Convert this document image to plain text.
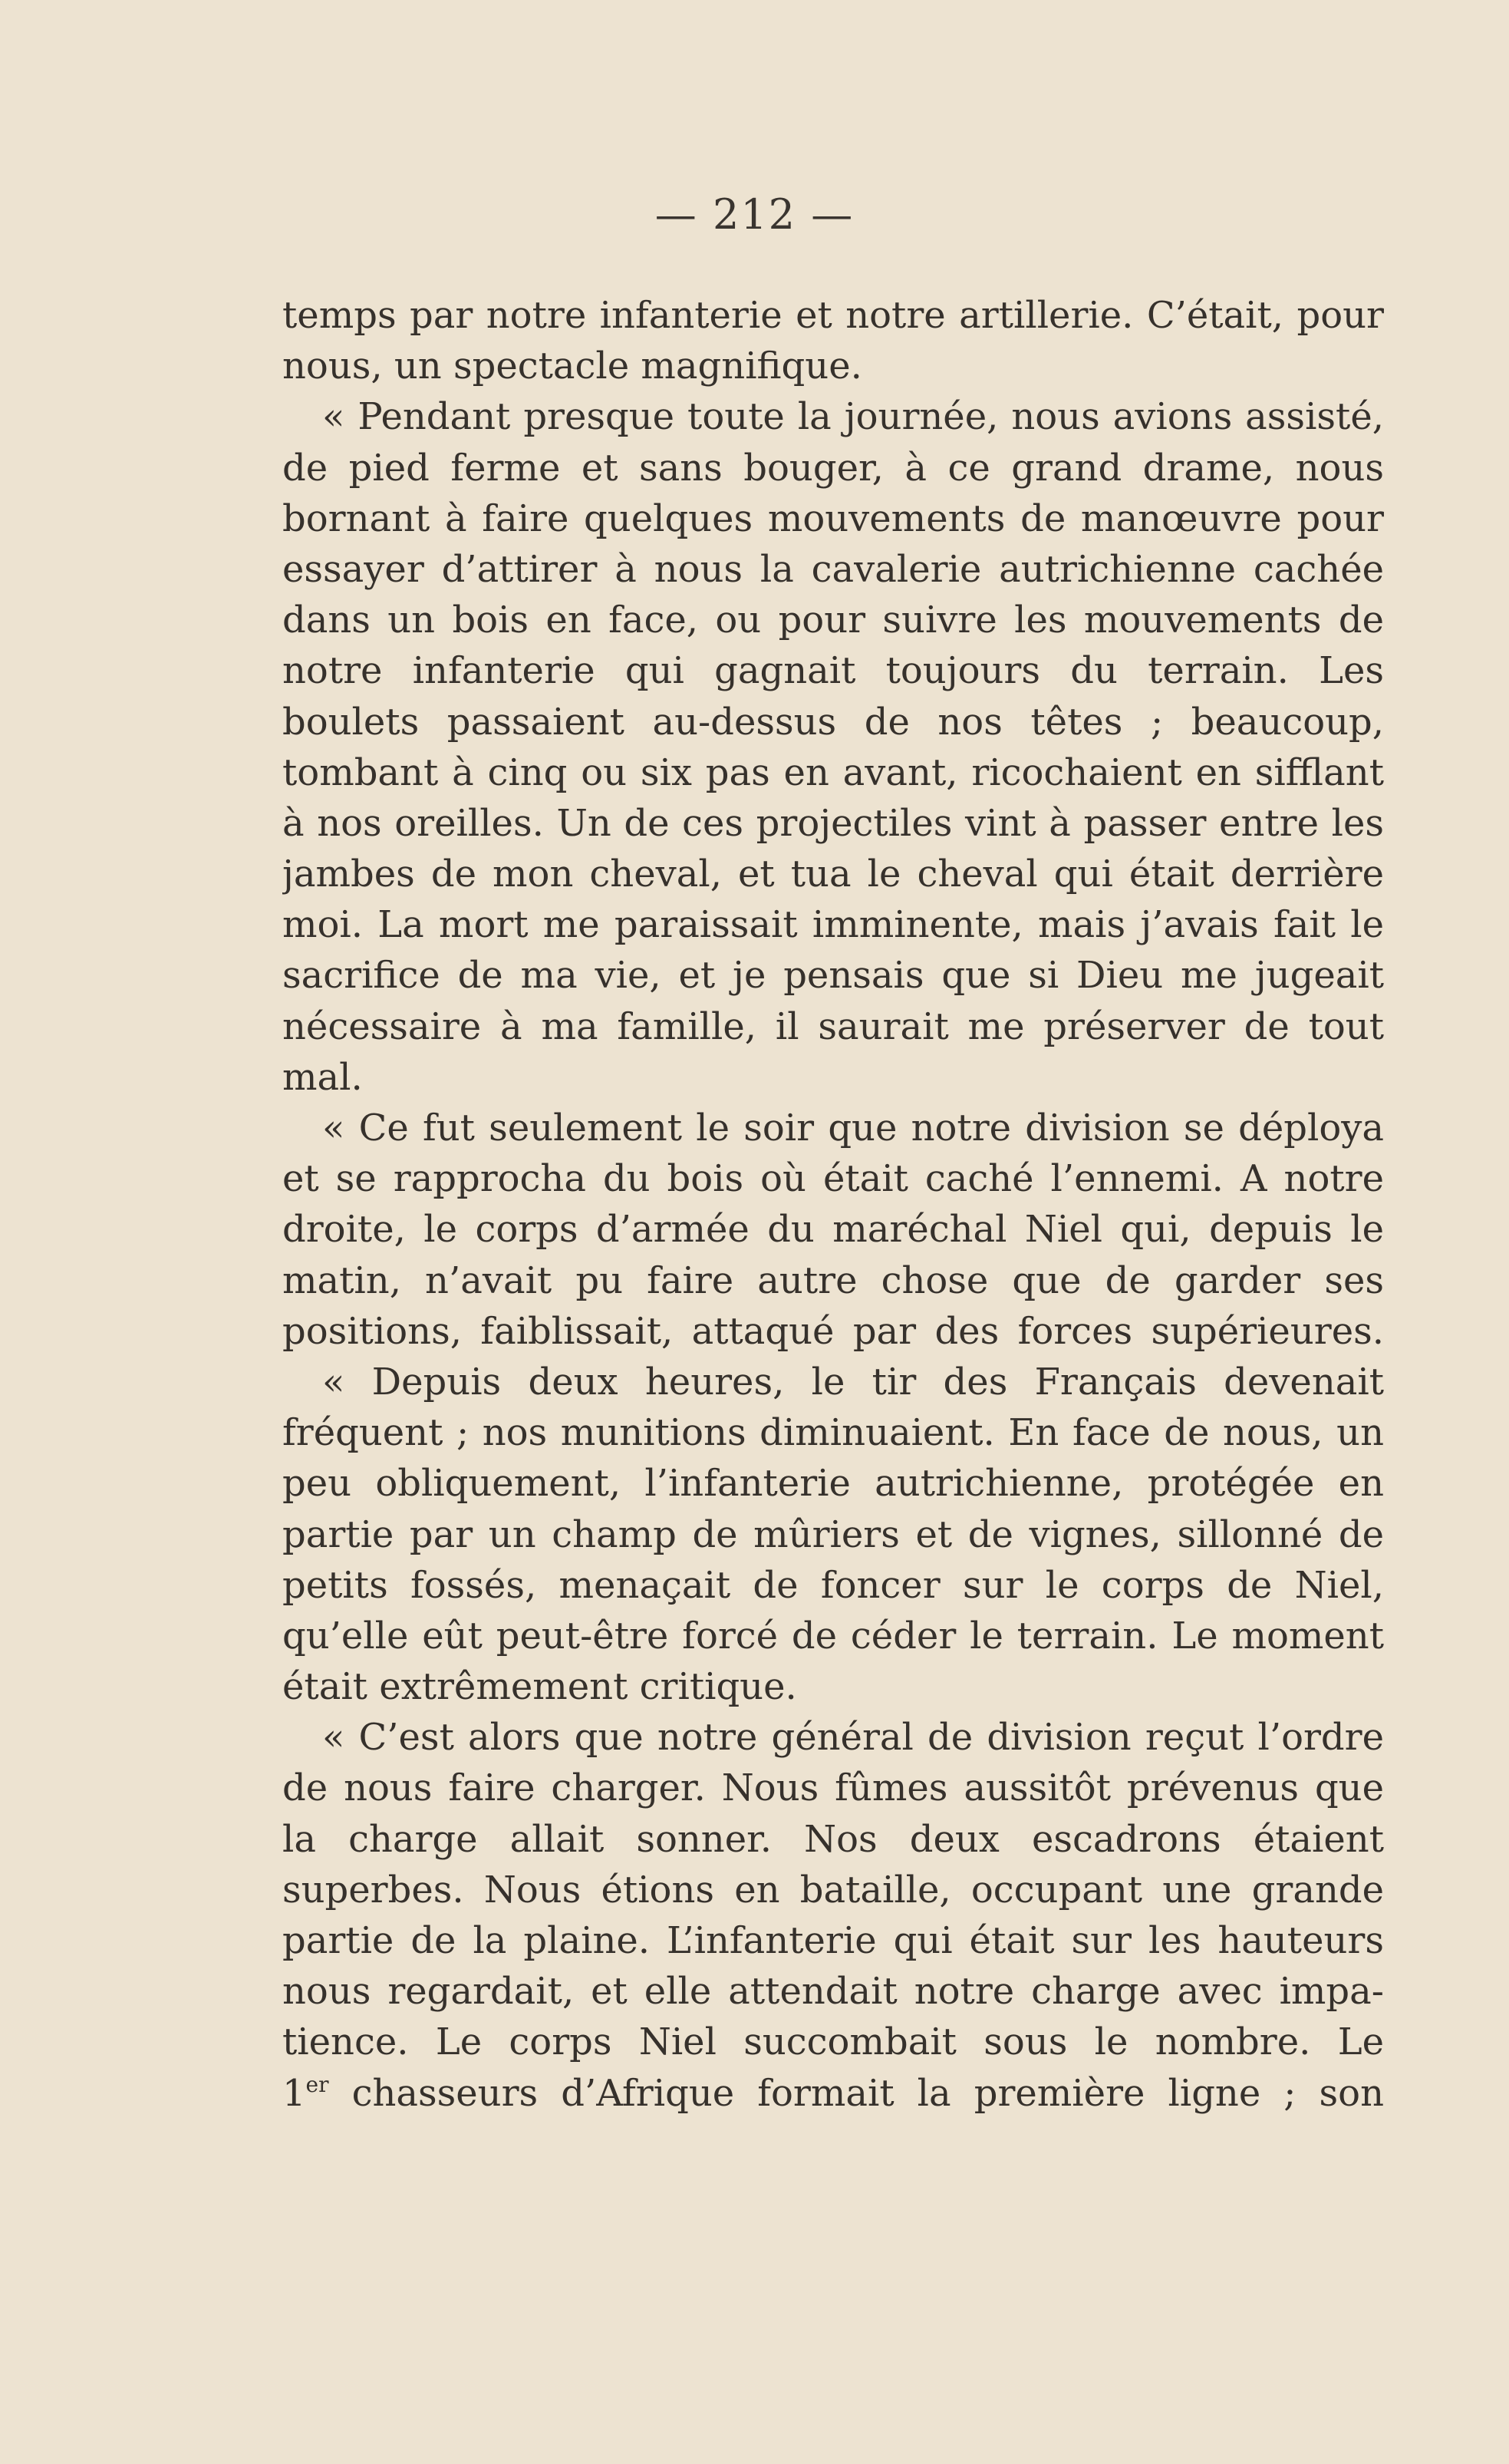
— 212 —
temps par notre infanterie et notre artillerie. C’était, pour
nous, un spectacle magnifique.
« Pendant presque toute la journée, nous avions assisté,
de pied ferme et sans bouger, à ce grand drame, nous
bornant à faire quelques mouvements de manœuvre pour
essayer d’attirer à nous la cavalerie autrichienne cachée
dans un bois en face, ou pour suivre les mouvements de
notre infanterie qui gagnait toujours du terrain. Les
boulets passaient au-dessus de nos têtes ; beaucoup,
tombant à cinq ou six pas en avant, ricochaient en sifflant
à nos oreilles. Un de ces projectiles vint à passer entre les
jambes de mon cheval, et tua le cheval qui était derrière
moi. La mort me paraissait imminente, mais j’avais fait le
sacrifice de ma vie, et je pensais que si Dieu me jugeait
nécessaire à ma famille, il saurait me préserver de tout
mal.
« Ce fut seulement le soir que notre division se déploya
et se rapprocha du bois où était caché l’ennemi. A notre
droite, le corps d’armée du maréchal Niel qui, depuis le
matin, n’avait pu faire autre chose que de garder ses
positions, faiblissait, attaqué par des forces supérieures.
« Depuis deux heures, le tir des Français devenait
fréquent ; nos munitions diminuaient. En face de nous, un
peu obliquement, l’infanterie autrichienne, protégée en
partie par un champ de mûriers et de vignes, sillonné de
petits fossés, menaçait de foncer sur le corps de Niel,
qu’elle eût peut-être forcé de céder le terrain. Le moment
était extrêmement critique.
« C’est alors que notre général de division reçut l’ordre
de nous faire charger. Nous fûmes aussitôt prévenus que
la charge allait sonner. Nos deux escadrons étaient
superbes. Nous étions en bataille, occupant une grande
partie de la plaine. L’infanterie qui était sur les hauteurs
nous regardait, et elle attendait notre charge avec impa-
tience. Le corps Niel succombait sous le nombre. Le
1er chasseurs d’Afrique formait la première ligne ; son
